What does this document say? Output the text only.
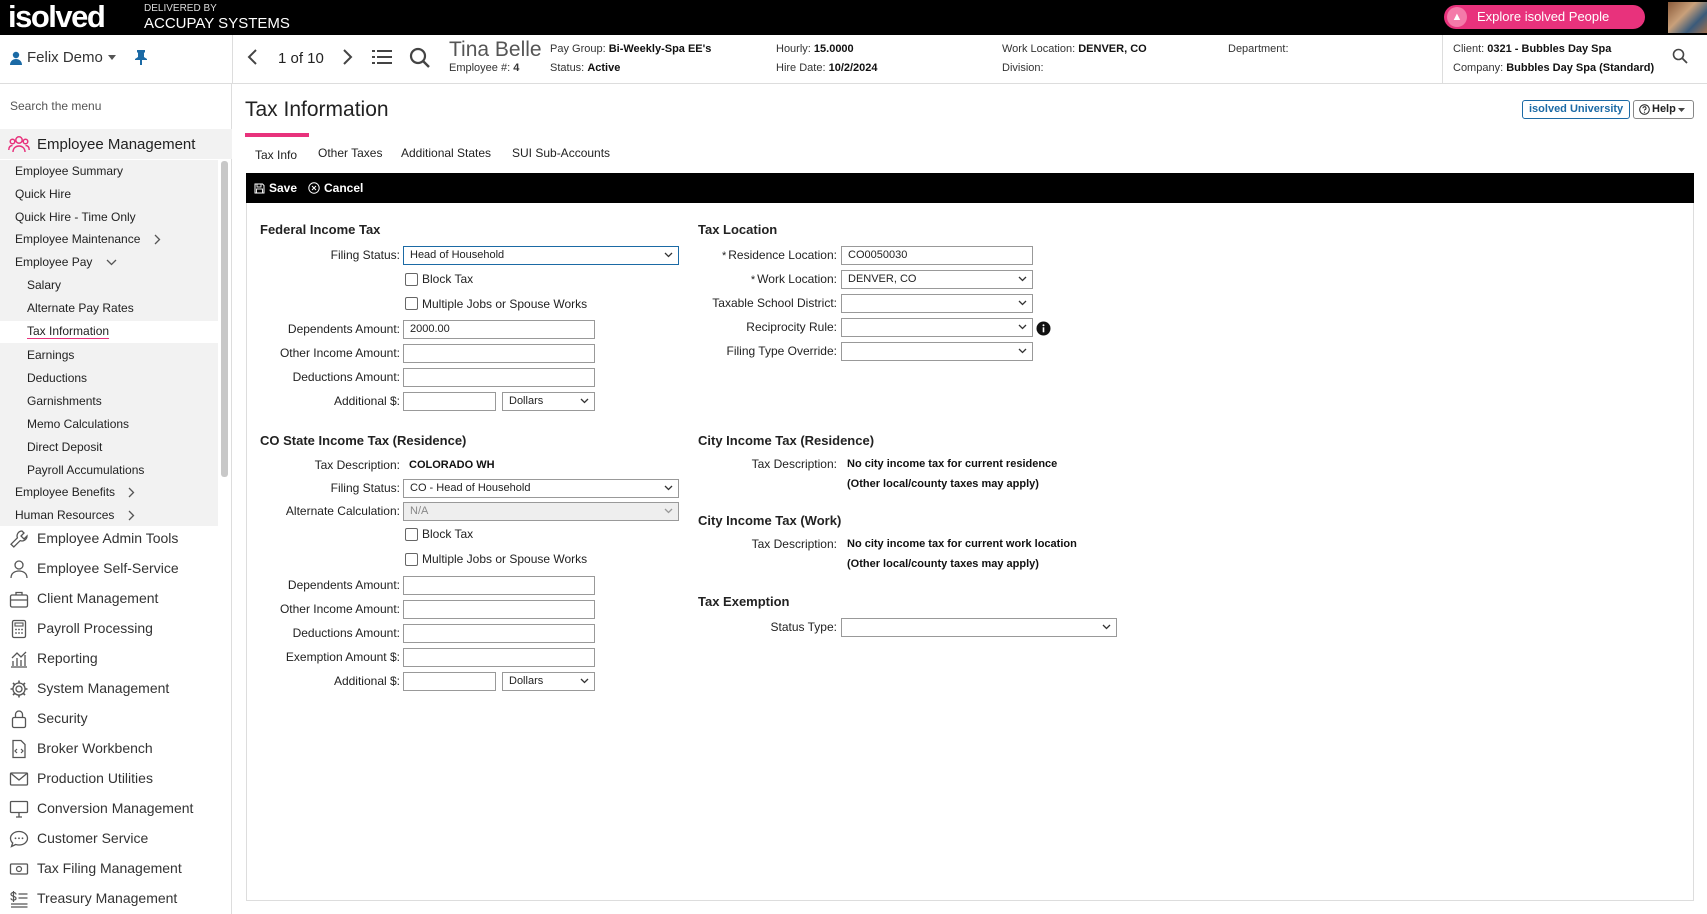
isolved	DELIVERED BY
ACCUPAY SYSTEMS	▲	Explore isolved People
Felix Demo	1 of 10	Tina Belle
Employee #: 4
Pay Group: Bi-Weekly-Spa EE's
Status: Active
Hourly: 15.0000
Hire Date: 10/2/2024
Work Location: DENVER, CO
Division:
Department:	Client: 0321 - Bubbles Day Spa
Company: Bubbles Day Spa (Standard)
Search the menu
Employee Management
Employee Summary
Quick Hire
Quick Hire - Time Only
Employee Maintenance
Employee Pay
Salary
Alternate Pay Rates
Tax Information
Earnings
Deductions
Garnishments
Memo Calculations
Direct Deposit
Payroll Accumulations
Employee Benefits
Human Resources
Employee Admin Tools
Employee Self-Service
Client Management
Payroll Processing
Reporting
System Management
Security
Broker Workbench
Production Utilities
Conversion Management
Customer Service
Tax Filing Management
Treasury Management
Tax Information	isolved University	Help
Tax Info Other Taxes Additional States SUI Sub-Accounts
Save Cancel
Federal Income Tax
Filing Status: Head of Household
Block Tax
Multiple Jobs or Spouse Works
Dependents Amount: 2000.00
Other Income Amount:
Deductions Amount:
Additional $:	Dollars
CO State Income Tax (Residence)
Tax Description: COLORADO WH
Filing Status: CO - Head of Household
Alternate Calculation: N/A
Block Tax
Multiple Jobs or Spouse Works
Dependents Amount:
Other Income Amount:
Deductions Amount:
Exemption Amount $:
Additional $:	Dollars
Tax Location
* Residence Location:	CO0050030
* Work Location:	DENVER, CO
Taxable School District:
Reciprocity Rule:
Filing Type Override:
City Income Tax (Residence)
Tax Description: No city income tax for current residence
(Other local/county taxes may apply)
City Income Tax (Work)
Tax Description: No city income tax for current work location
(Other local/county taxes may apply)
Tax Exemption
Status Type:
